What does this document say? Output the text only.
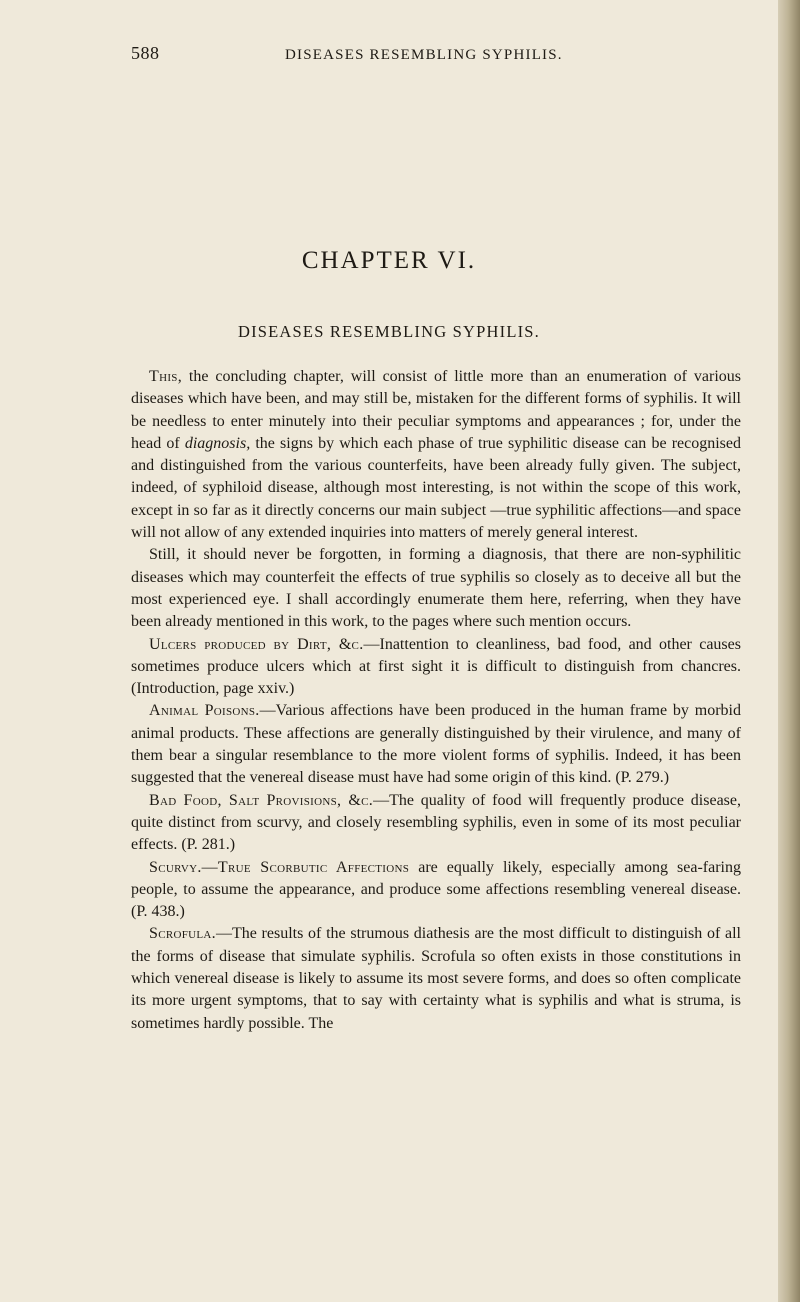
588	DISEASES RESEMBLING SYPHILIS.
CHAPTER VI.
DISEASES RESEMBLING SYPHILIS.

This, the concluding chapter, will consist of little more than an enumeration of various diseases which have been, and may still be, mistaken for the different forms of syphilis. It will be needless to enter minutely into their peculiar symptoms and appearances ; for, under the head of diagnosis, the signs by which each phase of true syphilitic disease can be recognised and distinguished from the various counterfeits, have been already fully given. The subject, indeed, of syphiloid disease, although most interesting, is not within the scope of this work, except in so far as it directly concerns our main subject —true syphilitic affections—and space will not allow of any extended inquiries into matters of merely general interest.

Still, it should never be forgotten, in forming a diagnosis, that there are non-syphilitic diseases which may counterfeit the effects of true syphilis so closely as to deceive all but the most experienced eye. I shall accordingly enumerate them here, referring, when they have been already mentioned in this work, to the pages where such mention occurs.

Ulcers produced by Dirt, &c.—Inattention to cleanliness, bad food, and other causes sometimes produce ulcers which at first sight it is difficult to distinguish from chancres. (Introduction, page xxiv.)

Animal Poisons.—Various affections have been produced in the human frame by morbid animal products. These affections are generally distinguished by their virulence, and many of them bear a singular resemblance to the more violent forms of syphilis. Indeed, it has been suggested that the venereal disease must have had some origin of this kind. (P. 279.)

Bad Food, Salt Provisions, &c.—The quality of food will frequently produce disease, quite distinct from scurvy, and closely resembling syphilis, even in some of its most peculiar effects. (P. 281.)

Scurvy.—True Scorbutic Affections are equally likely, especially among sea-faring people, to assume the appearance, and produce some affections resembling venereal disease. (P. 438.)

Scrofula.—The results of the strumous diathesis are the most difficult to distinguish of all the forms of disease that simulate syphilis. Scrofula so often exists in those constitutions in which venereal disease is likely to assume its most severe forms, and does so often complicate its more urgent symptoms, that to say with certainty what is syphilis and what is struma, is sometimes hardly possible. The
